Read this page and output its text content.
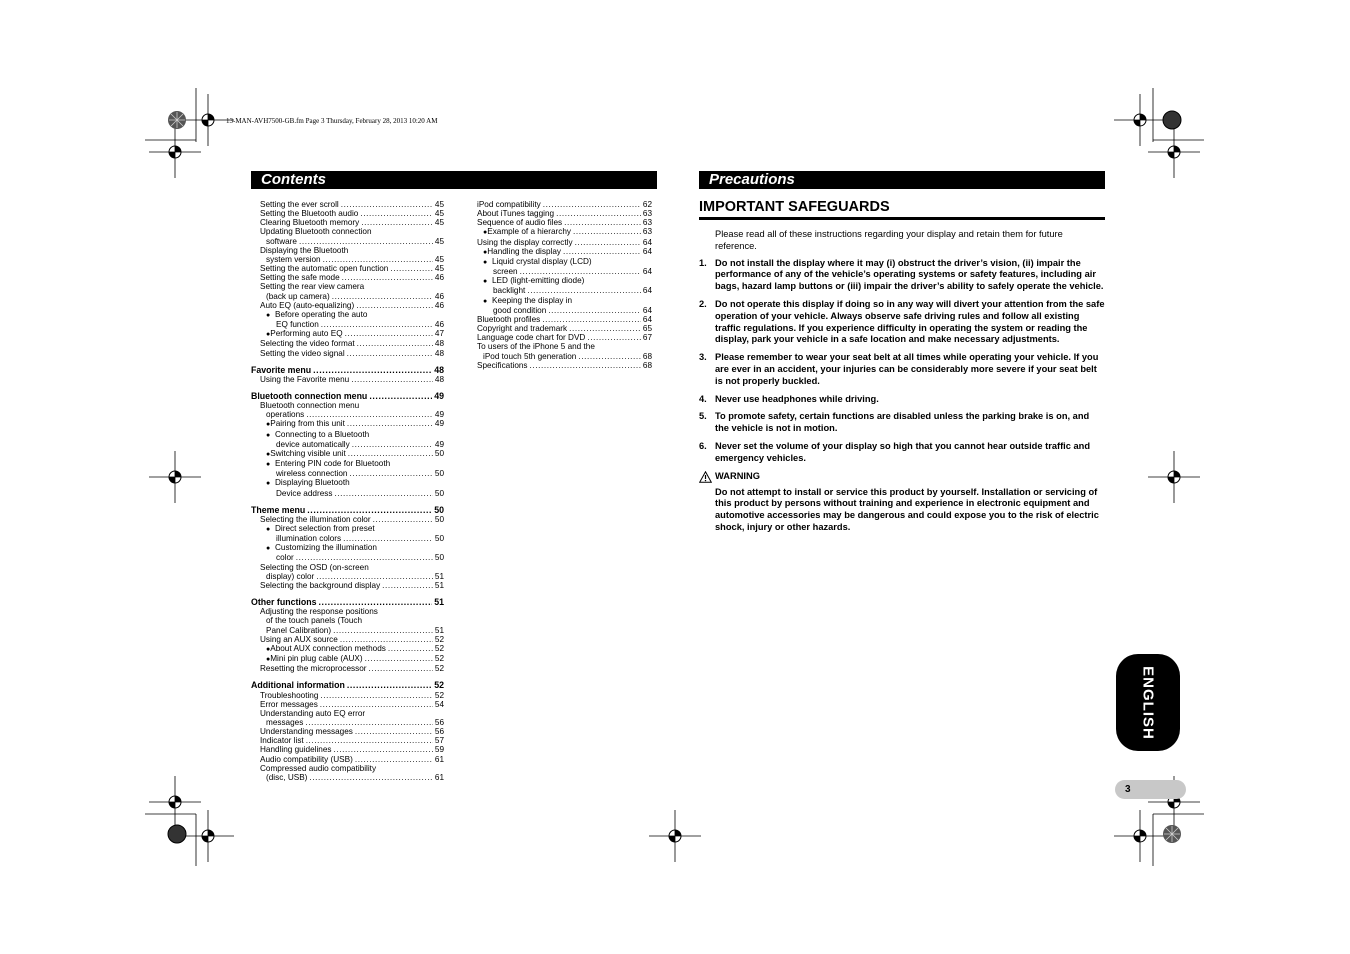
13-MAN-AVH7500-GB.fm Page 3 Thursday, February 28, 2013 10:20 AM
Contents
Setting the ever scroll .....	45
Setting the Bluetooth audio .....	45
Clearing Bluetooth memory .....	45
Updating Bluetooth connection
software .....	45
Displaying the Bluetooth
system version .....	45
Setting the automatic open function .....	45
Setting the safe mode .....	46
Setting the rear view camera
(back up camera) .....	46
Auto EQ (auto-equalizing) .....	46
● Before operating the auto
EQ function .....	46
● Performing auto EQ .....	47
Selecting the video format .....	48
Setting the video signal .....	48
Favorite menu .....	48
Using the Favorite menu .....	48
Bluetooth connection menu .....	49
Bluetooth connection menu
operations .....	49
● Pairing from this unit .....	49
● Connecting to a Bluetooth
device automatically .....	49
● Switching visible unit .....	50
● Entering PIN code for Bluetooth
wireless connection .....	50
● Displaying Bluetooth
Device address .....	50
Theme menu .....	50
Selecting the illumination color .....	50
● Direct selection from preset
illumination colors .....	50
● Customizing the illumination
color .....	50
Selecting the OSD (on-screen
display) color .....	51
Selecting the background display .....	51
Other functions .....	51
Adjusting the response positions
of the touch panels (Touch
Panel Calibration) .....	51
Using an AUX source .....	52
● About AUX connection methods .....	52
● Mini pin plug cable (AUX) .....	52
Resetting the microprocessor .....	52
Additional information .....	52
Troubleshooting .....	52
Error messages .....	54
Understanding auto EQ error
messages .....	56
Understanding messages .....	56
Indicator list .....	57
Handling guidelines .....	59
Audio compatibility (USB) .....	61
Compressed audio compatibility
(disc, USB) .....	61
iPod compatibility .....	62
About iTunes tagging .....	63
Sequence of audio files .....	63
● Example of a hierarchy .....	63
Using the display correctly .....	64
● Handling the display .....	64
● Liquid crystal display (LCD)
screen .....	64
● LED (light-emitting diode)
backlight .....	64
● Keeping the display in
good condition .....	64
Bluetooth profiles .....	64
Copyright and trademark .....	65
Language code chart for DVD .....	67
To users of the iPhone 5 and the
iPod touch 5th generation .....	68
Specifications .....	68
Precautions
IMPORTANT SAFEGUARDS
Please read all of these instructions regarding your display and retain them for future reference.
1. Do not install the display where it may (i) obstruct the driver’s vision, (ii) impair the performance of any of the vehicle’s operating systems or safety features, including air bags, hazard lamp buttons or (iii) impair the driver’s ability to safely operate the vehicle.
2. Do not operate this display if doing so in any way will divert your attention from the safe operation of your vehicle. Always observe safe driving rules and follow all existing traffic regulations. If you experience difficulty in operating the system or reading the display, park your vehicle in a safe location and make necessary adjustments.
3. Please remember to wear your seat belt at all times while operating your vehicle. If you are ever in an accident, your injuries can be considerably more severe if your seat belt is not properly buckled.
4. Never use headphones while driving.
5. To promote safety, certain functions are disabled unless the parking brake is on, and the vehicle is not in motion.
6. Never set the volume of your display so high that you cannot hear outside traffic and emergency vehicles.
WARNING
Do not attempt to install or service this product by yourself. Installation or servicing of this product by persons without training and experience in electronic equipment and automotive accessories may be dangerous and could expose you to the risk of electric shock, injury or other hazards.
ENGLISH
3
